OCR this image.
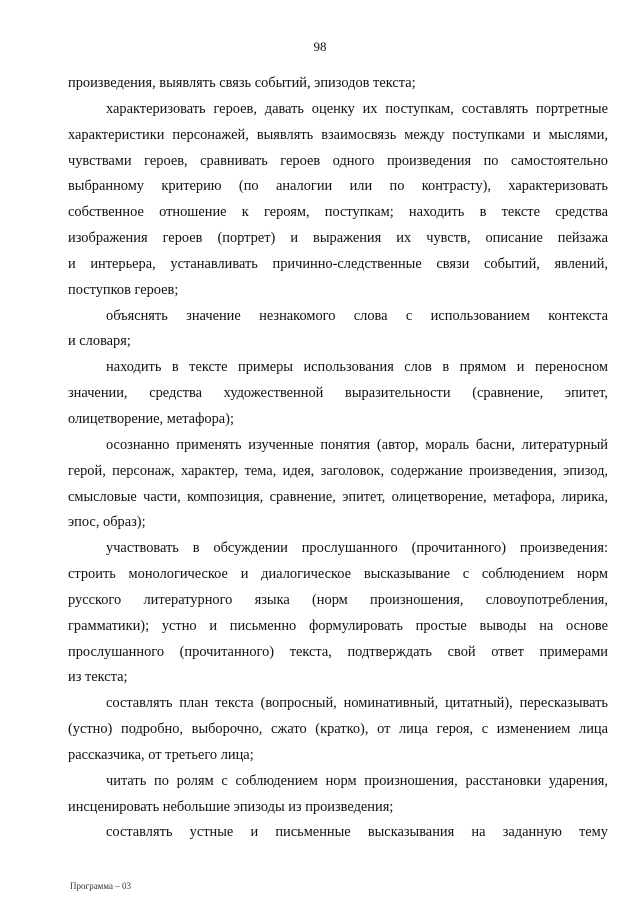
98
произведения, выявлять связь событий, эпизодов текста;
характеризовать героев, давать оценку их поступкам, составлять портретные
характеристики персонажей, выявлять взаимосвязь между поступками и мыслями,
чувствами героев, сравнивать героев одного произведения по самостоятельно
выбранному критерию (по аналогии или по контрасту), характеризовать
собственное отношение к героям, поступкам; находить в тексте средства
изображения героев (портрет) и выражения их чувств, описание пейзажа
и интерьера, устанавливать причинно-следственные связи событий, явлений,
поступков героев;
объяснять значение незнакомого слова с использованием контекста
и словаря;
находить в тексте примеры использования слов в прямом и переносном
значении, средства художественной выразительности (сравнение, эпитет,
олицетворение, метафора);
осознанно применять изученные понятия (автор, мораль басни, литературный
герой, персонаж, характер, тема, идея, заголовок, содержание произведения, эпизод,
смысловые части, композиция, сравнение, эпитет, олицетворение, метафора, лирика,
эпос, образ);
участвовать в обсуждении прослушанного (прочитанного) произведения:
строить монологическое и диалогическое высказывание с соблюдением норм
русского литературного языка (норм произношения, словоупотребления,
грамматики); устно и письменно формулировать простые выводы на основе
прослушанного (прочитанного) текста, подтверждать свой ответ примерами
из текста;
составлять план текста (вопросный, номинативный, цитатный), пересказывать
(устно) подробно, выборочно, сжато (кратко), от лица героя, с изменением лица
рассказчика, от третьего лица;
читать по ролям с соблюдением норм произношения, расстановки ударения,
инсценировать небольшие эпизоды из произведения;
составлять устные и письменные высказывания на заданную тему
Программа – 03
